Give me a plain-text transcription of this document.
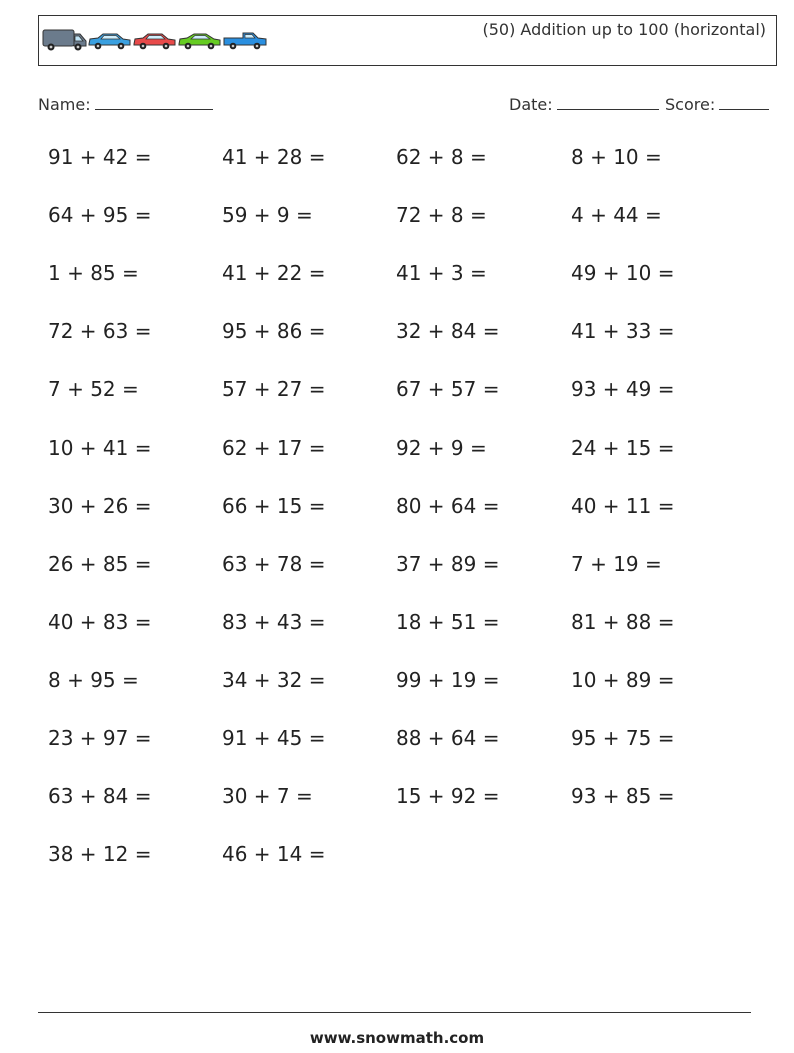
(50) Addition up to 100 (horizontal)
Name:	Date:	Score:
91 + 42 =	41 + 28 =	62 + 8 =	8 + 10 =
64 + 95 =	59 + 9 =	72 + 8 =	4 + 44 =
1 + 85 =	41 + 22 =	41 + 3 =	49 + 10 =
72 + 63 =	95 + 86 =	32 + 84 =	41 + 33 =
7 + 52 =	57 + 27 =	67 + 57 =	93 + 49 =
10 + 41 =	62 + 17 =	92 + 9 =	24 + 15 =
30 + 26 =	66 + 15 =	80 + 64 =	40 + 11 =
26 + 85 =	63 + 78 =	37 + 89 =	7 + 19 =
40 + 83 =	83 + 43 =	18 + 51 =	81 + 88 =
8 + 95 =	34 + 32 =	99 + 19 =	10 + 89 =
23 + 97 =	91 + 45 =	88 + 64 =	95 + 75 =
63 + 84 =	30 + 7 =	15 + 92 =	93 + 85 =
38 + 12 =	46 + 14 =
www.snowmath.com
